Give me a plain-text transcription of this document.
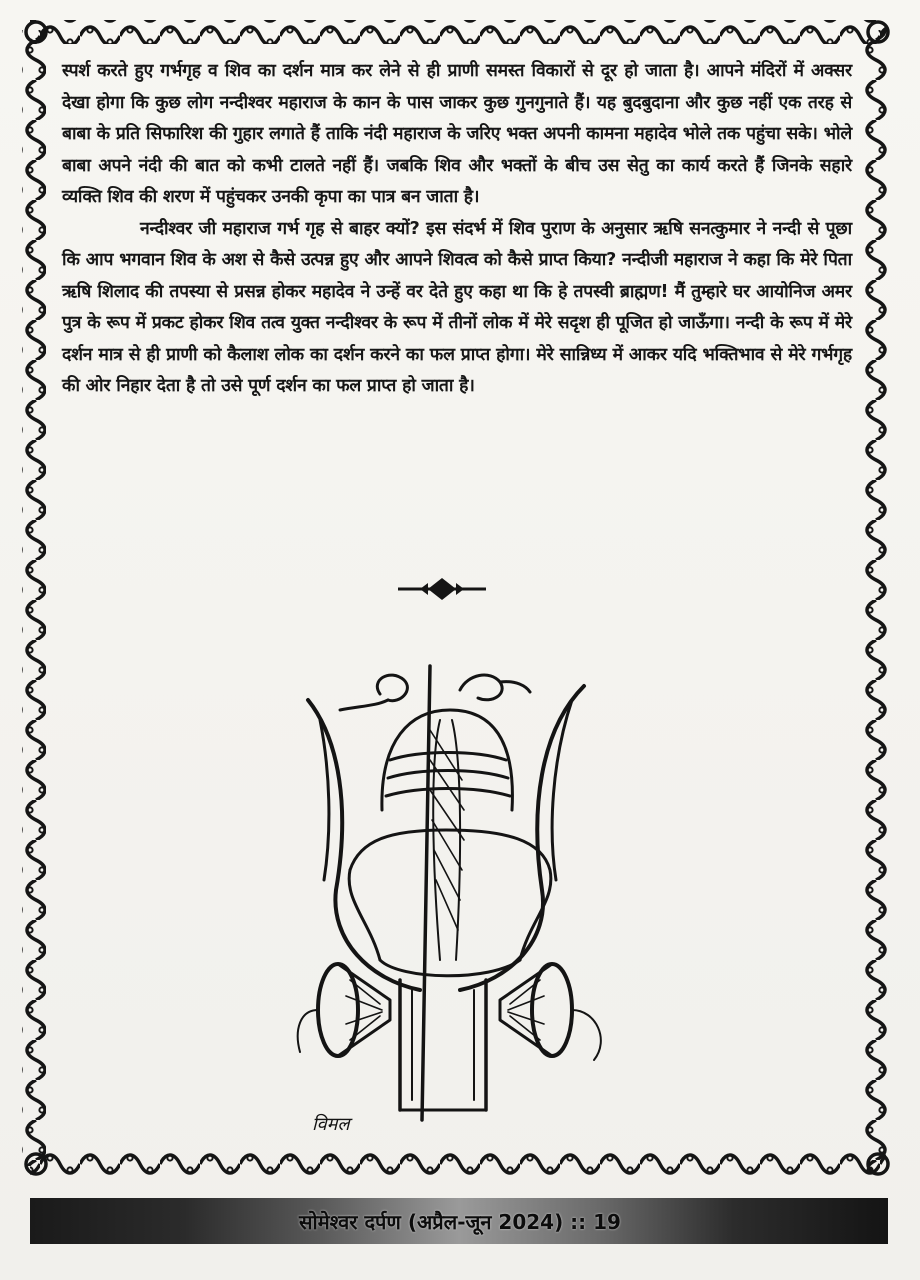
स्पर्श करते हुए गर्भगृह व शिव का दर्शन मात्र कर लेने से ही प्राणी समस्त विकारों से दूर हो जाता है। आपने मंदिरों में अक्सर देखा होगा कि कुछ लोग नन्दीश्वर महाराज के कान के पास जाकर कुछ गुनगुनाते हैं। यह बुदबुदाना और कुछ नहीं एक तरह से बाबा के प्रति सिफारिश की गुहार लगाते हैं ताकि नंदी महाराज के जरिए भक्त अपनी कामना महादेव भोले तक पहुंचा सके। भोले बाबा अपने नंदी की बात को कभी टालते नहीं हैं। जबकि शिव और भक्तों के बीच उस सेतु का कार्य करते हैं जिनके सहारे व्यक्ति शिव की शरण में पहुंचकर उनकी कृपा का पात्र बन जाता है।

नन्दीश्वर जी महाराज गर्भ गृह से बाहर क्यों? इस संदर्भ में शिव पुराण के अनुसार ऋषि सनत्कुमार ने नन्दी से पूछा कि आप भगवान शिव के अश से कैसे उत्पन्न हुए और आपने शिवत्व को कैसे प्राप्त किया? नन्दीजी महाराज ने कहा कि मेरे पिता ऋषि शिलाद की तपस्या से प्रसन्न होकर महादेव ने उन्हें वर देते हुए कहा था कि हे तपस्वी ब्राह्मण! मैं तुम्हारे घर आयोनिज अमर पुत्र के रूप में प्रकट होकर शिव तत्व युक्त नन्दीश्वर के रूप में तीनों लोक में मेरे सदृश ही पूजित हो जाऊँगा। नन्दी के रूप में मेरे दर्शन मात्र से ही प्राणी को कैलाश लोक का दर्शन करने का फल प्राप्त होगा। मेरे सान्निध्य में आकर यदि भक्तिभाव से मेरे गर्भगृह की ओर निहार देता है तो उसे पूर्ण दर्शन का फल प्राप्त हो जाता है।

विमल
सोमेश्वर दर्पण (अप्रैल-जून 2024) :: 19
